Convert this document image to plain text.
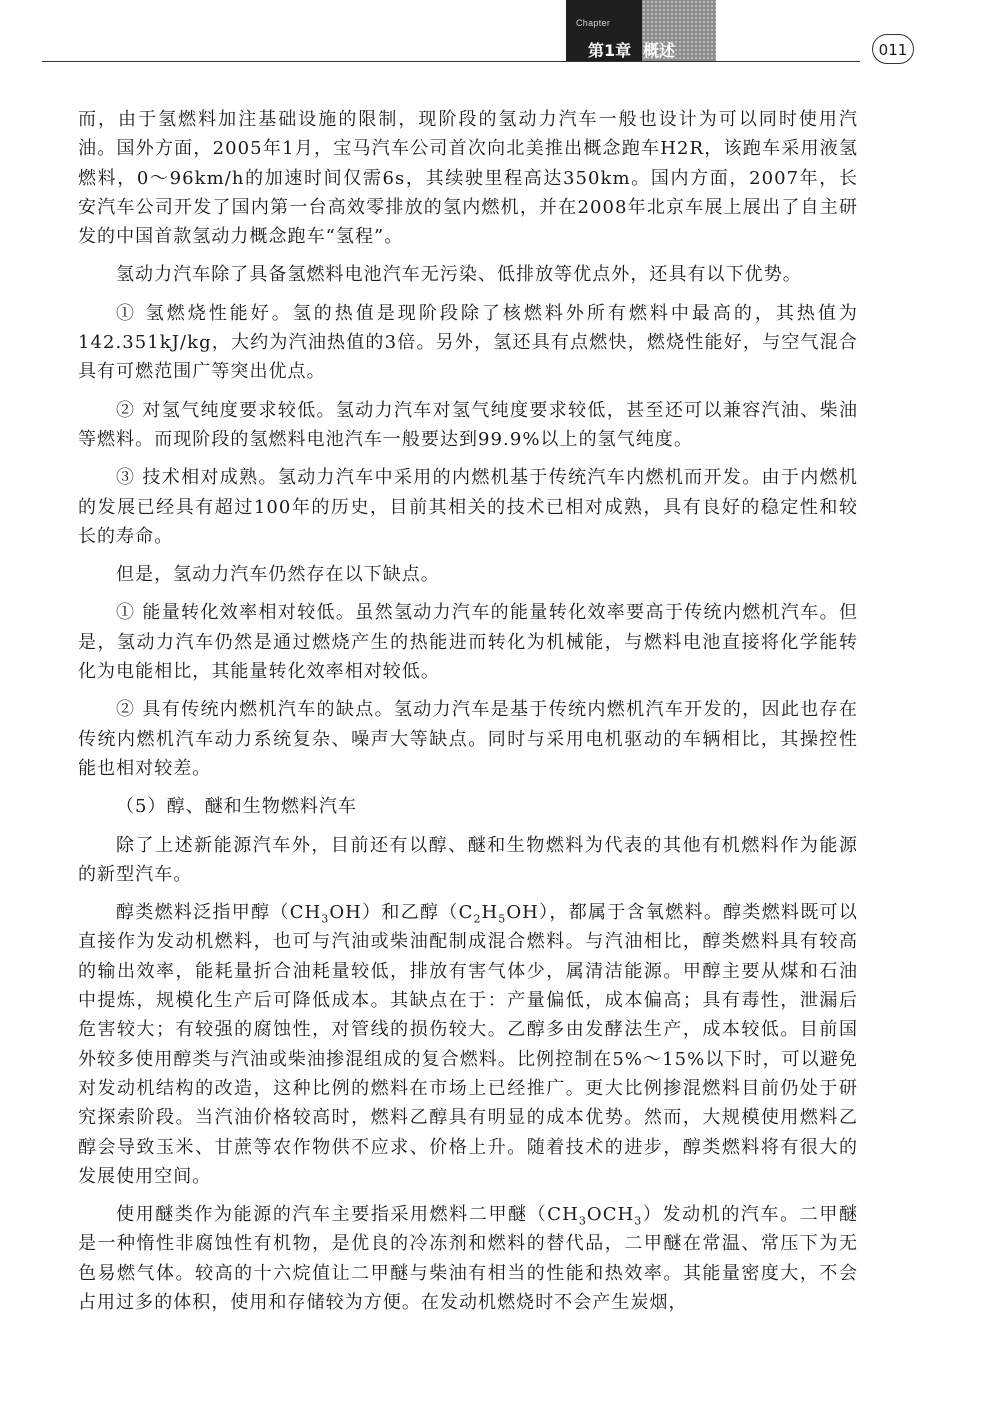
Chapter
第1章 概述	011

而，由于氢燃料加注基础设施的限制，现阶段的氢动力汽车一般也设计为可以同时使用汽油。国外方面，2005年1月，宝马汽车公司首次向北美推出概念跑车H2R，该跑车采用液氢燃料，0～96km/h的加速时间仅需6s，其续驶里程高达350km。国内方面，2007年，长安汽车公司开发了国内第一台高效零排放的氢内燃机，并在2008年北京车展上展出了自主研发的中国首款氢动力概念跑车“氢程”。

氢动力汽车除了具备氢燃料电池汽车无污染、低排放等优点外，还具有以下优势。

① 氢燃烧性能好。氢的热值是现阶段除了核燃料外所有燃料中最高的，其热值为142.351kJ/kg，大约为汽油热值的3倍。另外，氢还具有点燃快，燃烧性能好，与空气混合具有可燃范围广等突出优点。

② 对氢气纯度要求较低。氢动力汽车对氢气纯度要求较低，甚至还可以兼容汽油、柴油等燃料。而现阶段的氢燃料电池汽车一般要达到99.9%以上的氢气纯度。

③ 技术相对成熟。氢动力汽车中采用的内燃机基于传统汽车内燃机而开发。由于内燃机的发展已经具有超过100年的历史，目前其相关的技术已相对成熟，具有良好的稳定性和较长的寿命。

但是，氢动力汽车仍然存在以下缺点。

① 能量转化效率相对较低。虽然氢动力汽车的能量转化效率要高于传统内燃机汽车。但是，氢动力汽车仍然是通过燃烧产生的热能进而转化为机械能，与燃料电池直接将化学能转化为电能相比，其能量转化效率相对较低。

② 具有传统内燃机汽车的缺点。氢动力汽车是基于传统内燃机汽车开发的，因此也存在传统内燃机汽车动力系统复杂、噪声大等缺点。同时与采用电机驱动的车辆相比，其操控性能也相对较差。

（5）醇、醚和生物燃料汽车

除了上述新能源汽车外，目前还有以醇、醚和生物燃料为代表的其他有机燃料作为能源的新型汽车。

醇类燃料泛指甲醇$(CH_3OH)$和乙醇$(C_2H_5OH)$，都属于含氧燃料。醇类燃料既可以直接作为发动机燃料，也可与汽油或柴油配制成混合燃料。与汽油相比，醇类燃料具有较高的输出效率，能耗量折合油耗量较低，排放有害气体少，属清洁能源。甲醇主要从煤和石油中提炼，规模化生产后可降低成本。其缺点在于：产量偏低，成本偏高；具有毒性，泄漏后危害较大；有较强的腐蚀性，对管线的损伤较大。乙醇多由发酵法生产，成本较低。目前国外较多使用醇类与汽油或柴油掺混组成的复合燃料。比例控制在5%～15%以下时，可以避免对发动机结构的改造，这种比例的燃料在市场上已经推广。更大比例掺混燃料目前仍处于研究探索阶段。当汽油价格较高时，燃料乙醇具有明显的成本优势。然而，大规模使用燃料乙醇会导致玉米、甘蔗等农作物供不应求、价格上升。随着技术的进步，醇类燃料将有很大的发展使用空间。

使用醚类作为能源的汽车主要指采用燃料二甲醚$(CH_3OCH_3)$发动机的汽车。二甲醚是一种惰性非腐蚀性有机物，是优良的冷冻剂和燃料的替代品，二甲醚在常温、常压下为无色易燃气体。较高的十六烷值让二甲醚与柴油有相当的性能和热效率。其能量密度大，不会占用过多的体积，使用和存储较为方便。在发动机燃烧时不会产生炭烟，
